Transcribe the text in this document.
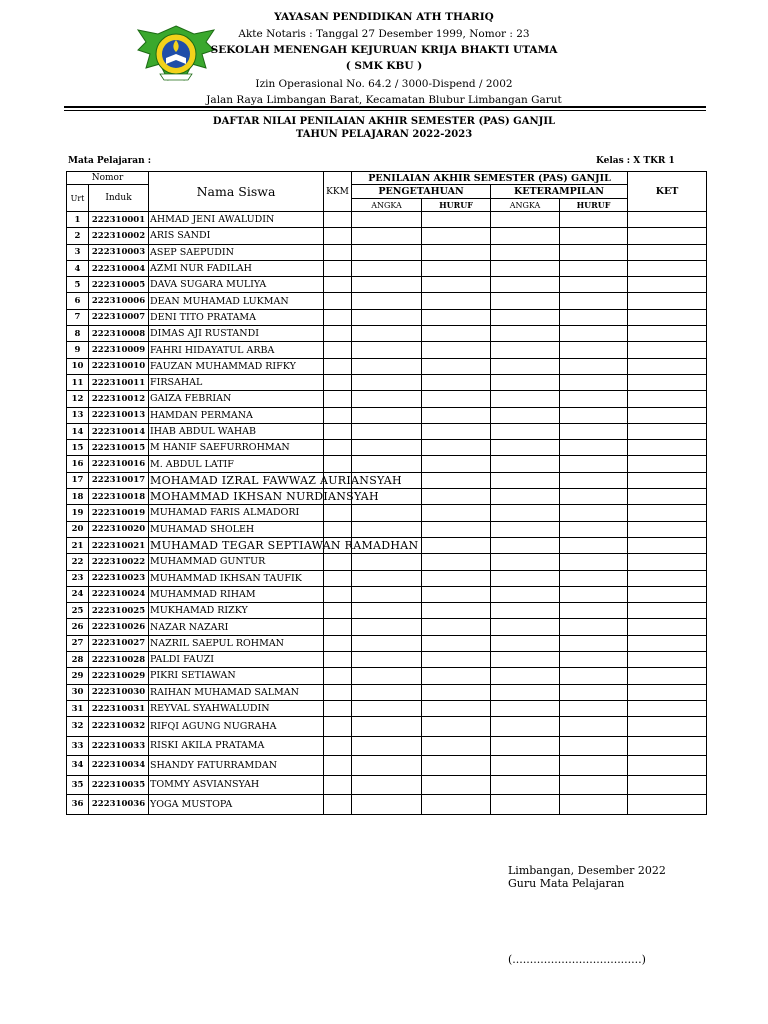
YAYASAN PENDIDIKAN ATH THARIQ
Akte Notaris : Tanggal 27 Desember 1999, Nomor : 23
SEKOLAH MENENGAH KEJURUAN KRIJA BHAKTI UTAMA
( SMK KBU )
Izin Operasional No. 64.2 / 3000-Dispend / 2002
Jalan Raya Limbangan Barat, Kecamatan Blubur Limbangan Garut
DAFTAR NILAI PENILAIAN AKHIR SEMESTER (PAS) GANJIL
TAHUN PELAJARAN 2022-2023
Mata Pelajaran :	Kelas : X TKR 1
Nomor		Nama Siswa	KKM	PENILAIAN AKHIR SEMESTER (PAS) GANJIL				KET
Urt	Induk			PENGETAHUAN		KETERAMPILAN		
				ANGKA	HURUF	ANGKA	HURUF	
1	222310001	AHMAD JENI AWALUDIN						
2	222310002	ARIS SANDI						
3	222310003	ASEP SAEPUDIN						
4	222310004	AZMI NUR FADILAH						
5	222310005	DAVA SUGARA MULIYA						
6	222310006	DEAN MUHAMAD LUKMAN						
7	222310007	DENI TITO PRATAMA						
8	222310008	DIMAS AJI RUSTANDI						
9	222310009	FAHRI HIDAYATUL ARBA						
10	222310010	FAUZAN MUHAMMAD RIFKY						
11	222310011	FIRSAHAL						
12	222310012	GAIZA FEBRIAN						
13	222310013	HAMDAN PERMANA						
14	222310014	IHAB ABDUL WAHAB						
15	222310015	M HANIF SAEFURROHMAN						
16	222310016	M. ABDUL LATIF						
17	222310017	MOHAMAD IZRAL FAWWAZ AURIANSYAH						
18	222310018	MOHAMMAD IKHSAN NURDIANSYAH						
19	222310019	MUHAMAD FARIS ALMADORI						
20	222310020	MUHAMAD SHOLEH						
21	222310021	MUHAMAD TEGAR SEPTIAWAN RAMADHAN						
22	222310022	MUHAMMAD GUNTUR						
23	222310023	MUHAMMAD IKHSAN TAUFIK						
24	222310024	MUHAMMAD RIHAM						
25	222310025	MUKHAMAD RIZKY						
26	222310026	NAZAR NAZARI						
27	222310027	NAZRIL SAEPUL ROHMAN						
28	222310028	PALDI FAUZI						
29	222310029	PIKRI SETIAWAN						
30	222310030	RAIHAN MUHAMAD SALMAN						
31	222310031	REYVAL SYAHWALUDIN						
32	222310032	RIFQI AGUNG NUGRAHA						
33	222310033	RISKI AKILA PRATAMA						
34	222310034	SHANDY FATURRAMDAN						
35	222310035	TOMMY ASVIANSYAH						
36	222310036	YOGA MUSTOPA						
Limbangan, Desember 2022
Guru Mata Pelajaran
(.....................................)
